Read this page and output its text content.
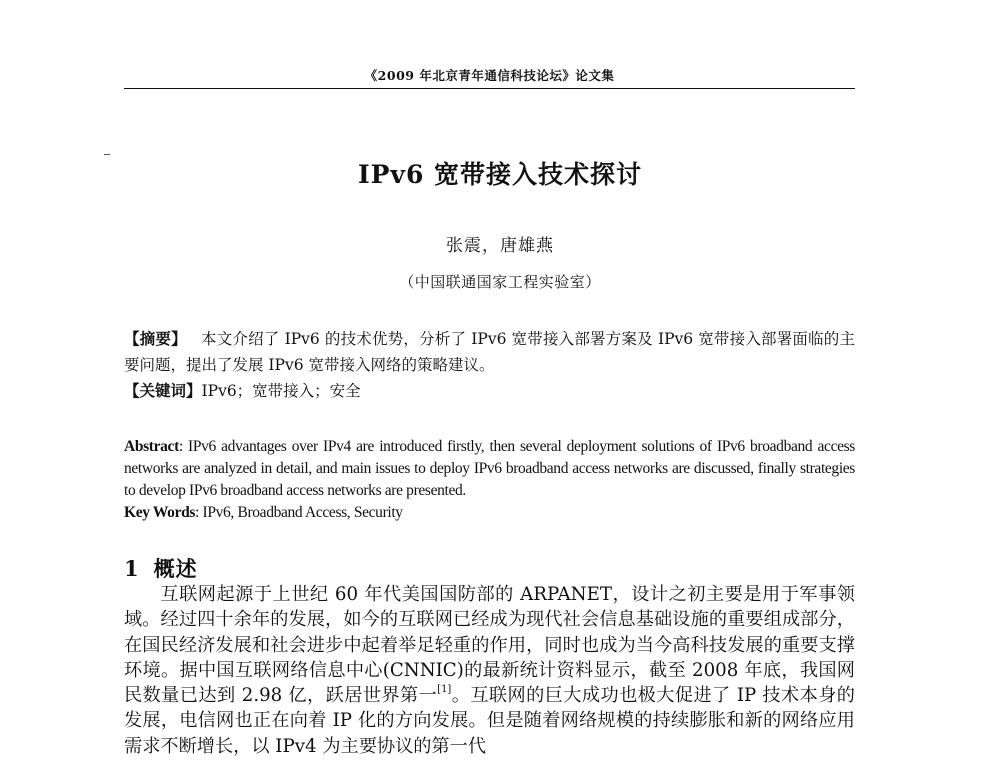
《2009 年北京青年通信科技论坛》论文集
IPv6 宽带接入技术探讨
张震，唐雄燕
（中国联通国家工程实验室）

【摘要】 本文介绍了 IPv6 的技术优势，分析了 IPv6 宽带接入部署方案及 IPv6 宽带接入部署面临的主要问题，提出了发展 IPv6 宽带接入网络的策略建议。

【关键词】IPv6；宽带接入；安全

Abstract: IPv6 advantages over IPv4 are introduced firstly, then several deployment solutions of IPv6 broadband access networks are analyzed in detail, and main issues to deploy IPv6 broadband access networks are discussed, finally strategies to develop IPv6 broadband access networks are presented.

Key Words: IPv6, Broadband Access, Security

1 概述

互联网起源于上世纪 60 年代美国国防部的 ARPANET，设计之初主要是用于军事领域。经过四十余年的发展，如今的互联网已经成为现代社会信息基础设施的重要组成部分，在国民经济发展和社会进步中起着举足轻重的作用，同时也成为当今高科技发展的重要支撑环境。据中国互联网络信息中心(CNNIC)的最新统计资料显示，截至 2008 年底，我国网民数量已达到 2.98 亿，跃居世界第一[1]。互联网的巨大成功也极大促进了 IP 技术本身的发展，电信网也正在向着 IP 化的方向发展。但是随着网络规模的持续膨胀和新的网络应用需求不断增长，以 IPv4 为主要协议的第一代
